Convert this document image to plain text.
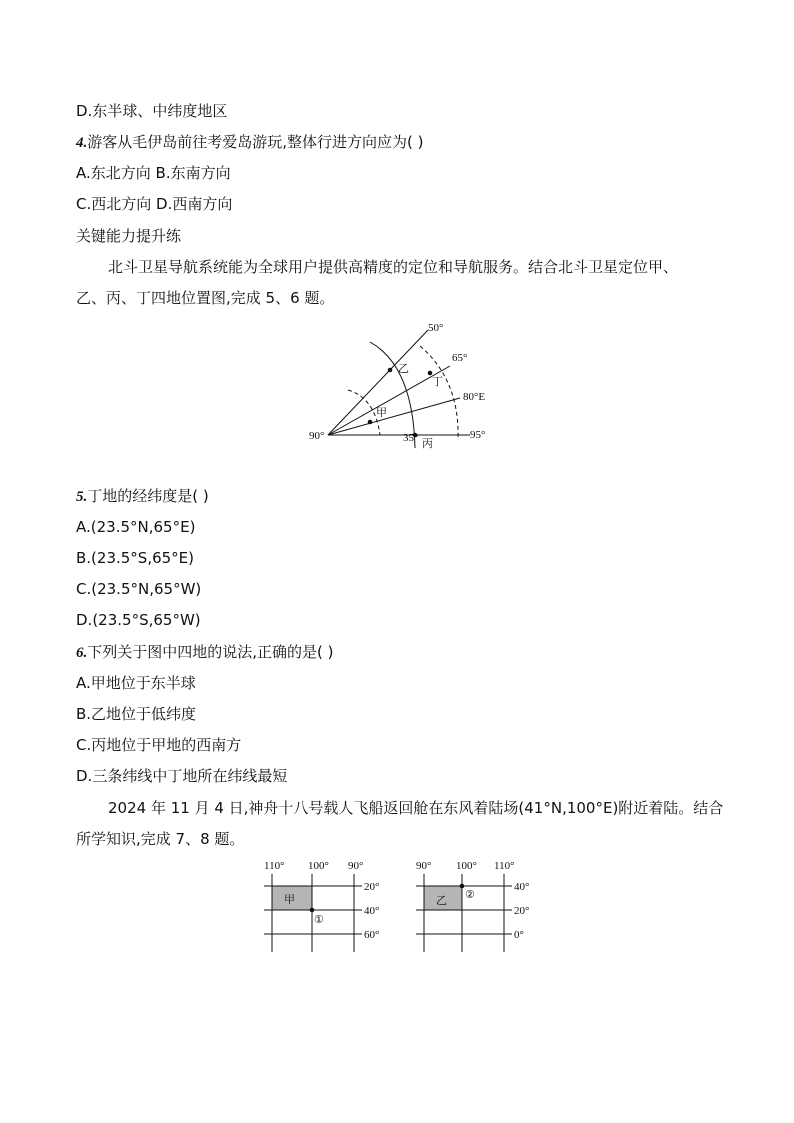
D.东半球、中纬度地区
4.游客从毛伊岛前往考爱岛游玩,整体行进方向应为( )
A.东北方向 B.东南方向
C.西北方向 D.西南方向
关键能力提升练
北斗卫星导航系统能为全球用户提供高精度的定位和导航服务。结合北斗卫星定位甲、
乙、丙、丁四地位置图,完成 5、6 题。
50°
65°
80°E
95°
90°	35°
乙
丁
甲
丙
5.丁地的经纬度是( )
A.(23.5°N,65°E)
B.(23.5°S,65°E)
C.(23.5°N,65°W)
D.(23.5°S,65°W)
6.下列关于图中四地的说法,正确的是( )
A.甲地位于东半球
B.乙地位于低纬度
C.丙地位于甲地的西南方
D.三条纬线中丁地所在纬线最短
2024 年 11 月 4 日,神舟十八号载人飞船返回舱在东风着陆场(41°N,100°E)附近着陆。结合
所学知识,完成 7、8 题。
110° 100° 90°
20°
40°
60°
甲
①
90° 100° 110°
40°
20°
0°
乙 ②
